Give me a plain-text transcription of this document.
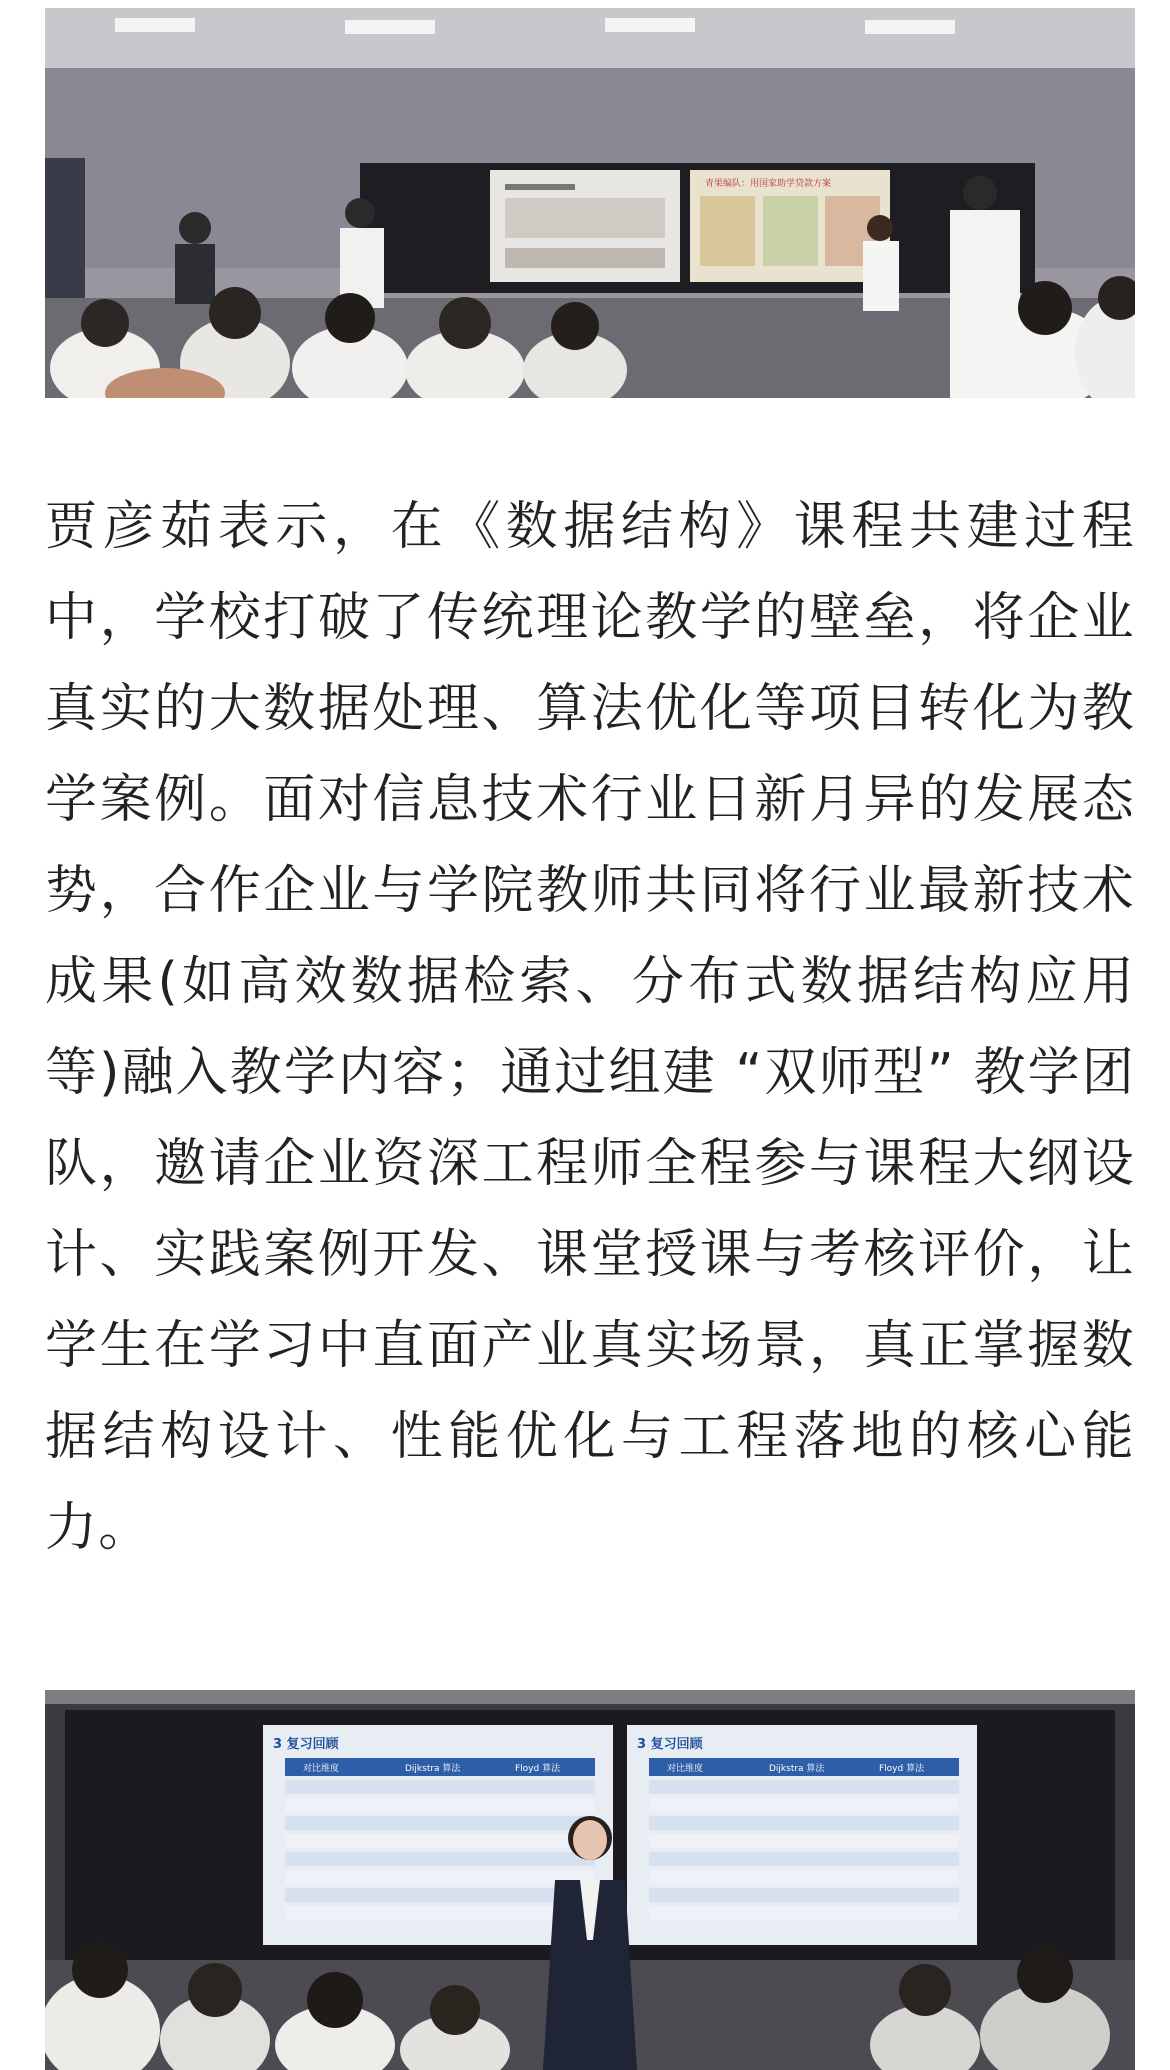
青果编队：用国家助学贷款方案

贾彦茹表示，在《数据结构》课程共建过程中，学校打破了传统理论教学的壁垒，将企业真实的大数据处理、算法优化等项目转化为教学案例。面对信息技术行业日新月异的发展态势，合作企业与学院教师共同将行业最新技术成果(如高效数据检索、分布式数据结构应用等)融入教学内容；通过组建 “双师型” 教学团队，邀请企业资深工程师全程参与课程大纲设计、实践案例开发、课堂授课与考核评价，让学生在学习中直面产业真实场景，真正掌握数据结构设计、性能优化与工程落地的核心能力。

3 复习回顾
对比维度	Dijkstra 算法	Floyd 算法
3 复习回顾
对比维度	Dijkstra 算法	Floyd 算法
